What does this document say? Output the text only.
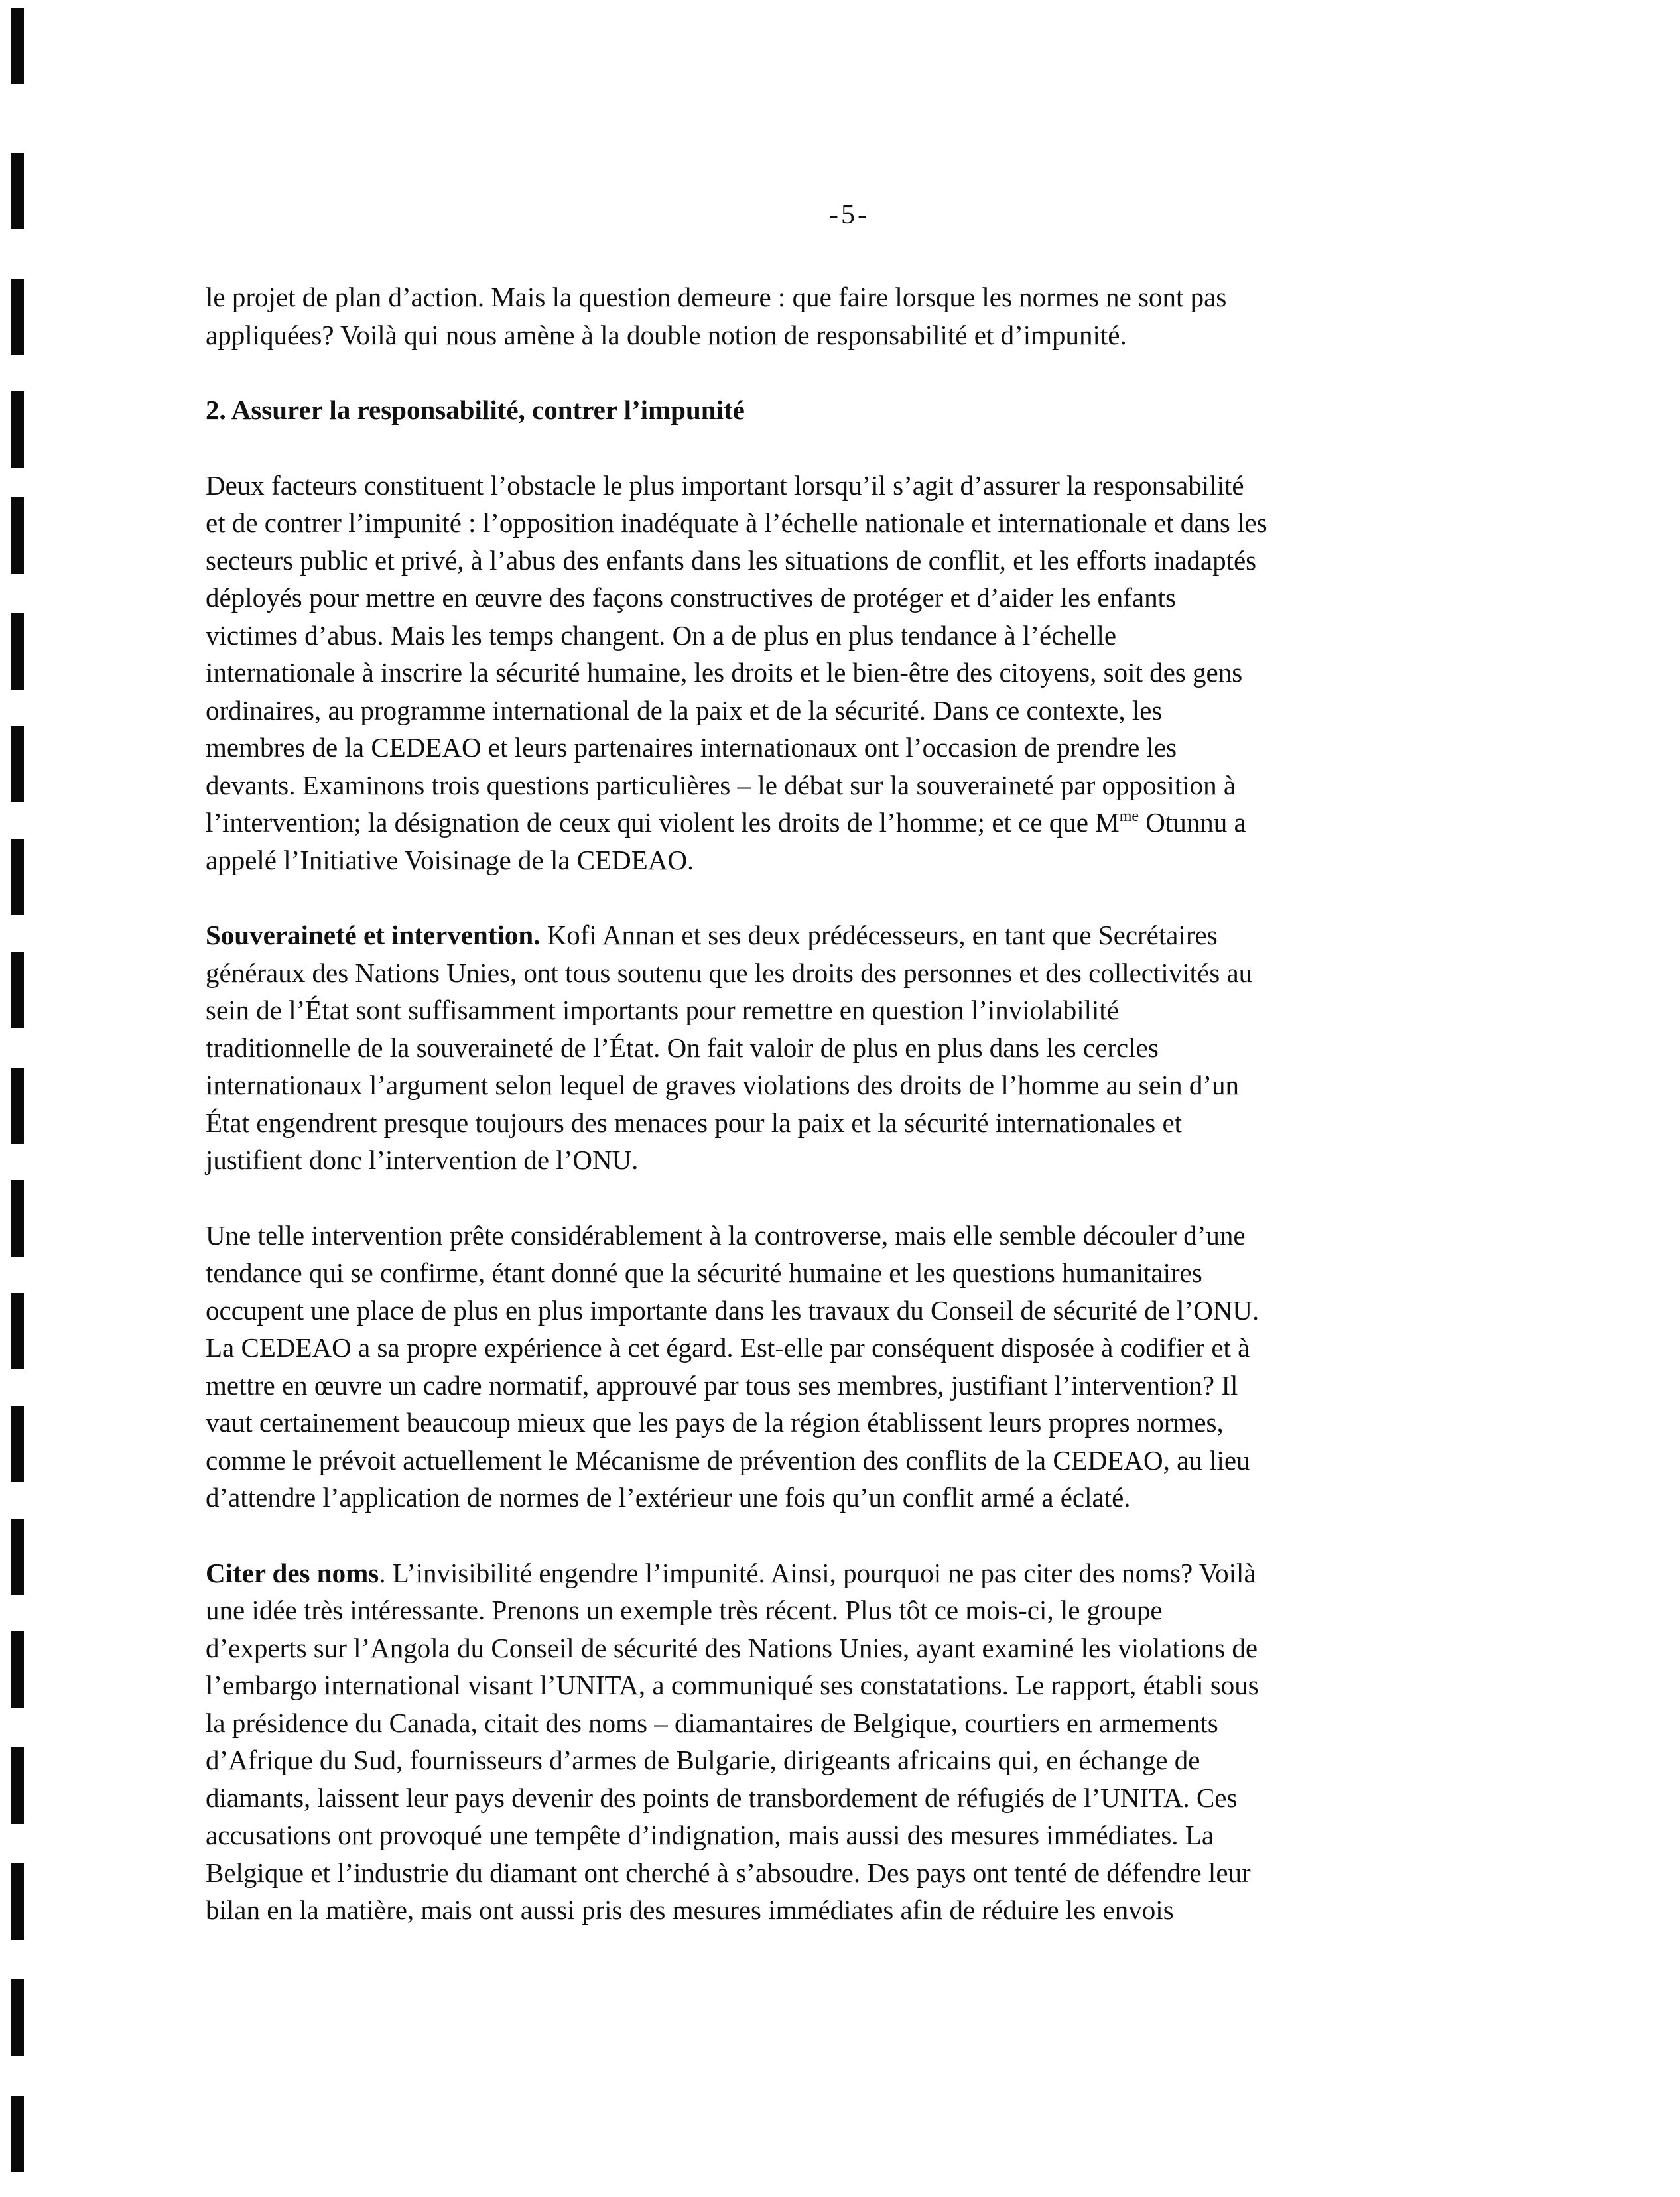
-5-
le projet de plan d’action. Mais la question demeure : que faire lorsque les normes ne sont pas
appliquées? Voilà qui nous amène à la double notion de responsabilité et d’impunité.
2. Assurer la responsabilité, contrer l’impunité
Deux facteurs constituent l’obstacle le plus important lorsqu’il s’agit d’assurer la responsabilité
et de contrer l’impunité : l’opposition inadéquate à l’échelle nationale et internationale et dans les
secteurs public et privé, à l’abus des enfants dans les situations de conflit, et les efforts inadaptés
déployés pour mettre en œuvre des façons constructives de protéger et d’aider les enfants
victimes d’abus. Mais les temps changent. On a de plus en plus tendance à l’échelle
internationale à inscrire la sécurité humaine, les droits et le bien-être des citoyens, soit des gens
ordinaires, au programme international de la paix et de la sécurité. Dans ce contexte, les
membres de la CEDEAO et leurs partenaires internationaux ont l’occasion de prendre les
devants. Examinons trois questions particulières – le débat sur la souveraineté par opposition à
l’intervention; la désignation de ceux qui violent les droits de l’homme; et ce que $M^{me}$ Otunnu a
appelé l’Initiative Voisinage de la CEDEAO.
Souveraineté et intervention. Kofi Annan et ses deux prédécesseurs, en tant que Secrétaires
généraux des Nations Unies, ont tous soutenu que les droits des personnes et des collectivités au
sein de l’État sont suffisamment importants pour remettre en question l’inviolabilité
traditionnelle de la souveraineté de l’État. On fait valoir de plus en plus dans les cercles
internationaux l’argument selon lequel de graves violations des droits de l’homme au sein d’un
État engendrent presque toujours des menaces pour la paix et la sécurité internationales et
justifient donc l’intervention de l’ONU.
Une telle intervention prête considérablement à la controverse, mais elle semble découler d’une
tendance qui se confirme, étant donné que la sécurité humaine et les questions humanitaires
occupent une place de plus en plus importante dans les travaux du Conseil de sécurité de l’ONU.
La CEDEAO a sa propre expérience à cet égard. Est-elle par conséquent disposée à codifier et à
mettre en œuvre un cadre normatif, approuvé par tous ses membres, justifiant l’intervention? Il
vaut certainement beaucoup mieux que les pays de la région établissent leurs propres normes,
comme le prévoit actuellement le Mécanisme de prévention des conflits de la CEDEAO, au lieu
d’attendre l’application de normes de l’extérieur une fois qu’un conflit armé a éclaté.
Citer des noms. L’invisibilité engendre l’impunité. Ainsi, pourquoi ne pas citer des noms? Voilà
une idée très intéressante. Prenons un exemple très récent. Plus tôt ce mois-ci, le groupe
d’experts sur l’Angola du Conseil de sécurité des Nations Unies, ayant examiné les violations de
l’embargo international visant l’UNITA, a communiqué ses constatations. Le rapport, établi sous
la présidence du Canada, citait des noms – diamantaires de Belgique, courtiers en armements
d’Afrique du Sud, fournisseurs d’armes de Bulgarie, dirigeants africains qui, en échange de
diamants, laissent leur pays devenir des points de transbordement de réfugiés de l’UNITA. Ces
accusations ont provoqué une tempête d’indignation, mais aussi des mesures immédiates. La
Belgique et l’industrie du diamant ont cherché à s’absoudre. Des pays ont tenté de défendre leur
bilan en la matière, mais ont aussi pris des mesures immédiates afin de réduire les envois
